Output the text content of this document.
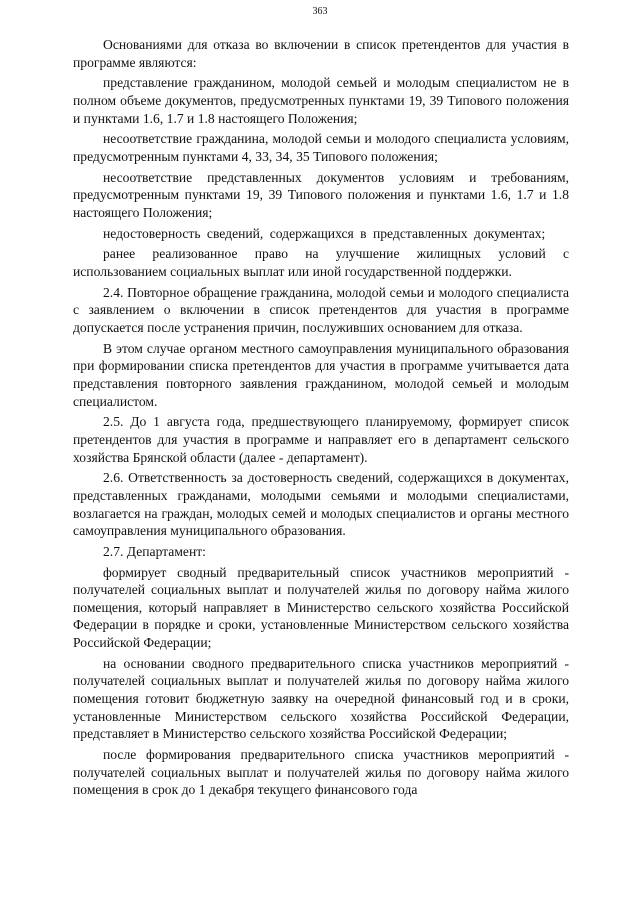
363

Основаниями для отказа во включении в список претендентов для участия в программе являются:

представление гражданином, молодой семьей и молодым специалистом не в полном объеме документов, предусмотренных пунктами 19, 39 Типового положения и пунктами 1.6, 1.7 и 1.8 настоящего Положения;

несоответствие гражданина, молодой семьи и молодого специалиста условиям, предусмотренным пунктами 4, 33, 34, 35 Типового положения;

несоответствие представленных документов условиям и требованиям, предусмотренным пунктами 19, 39 Типового положения и пунктами 1.6, 1.7 и 1.8 настоящего Положения;

недостоверность сведений, содержащихся в представленных документах;

ранее реализованное право на улучшение жилищных условий с использованием социальных выплат или иной государственной поддержки.

2.4. Повторное обращение гражданина, молодой семьи и молодого специалиста с заявлением о включении в список претендентов для участия в программе допускается после устранения причин, послуживших основанием для отказа.

В этом случае органом местного самоуправления муниципального образования при формировании списка претендентов для участия в программе учитывается дата представления повторного заявления гражданином, молодой семьей и молодым специалистом.

2.5. До 1 августа года, предшествующего планируемому, формирует список претендентов для участия в программе и направляет его в департамент сельского хозяйства Брянской области (далее - департамент).

2.6. Ответственность за достоверность сведений, содержащихся в документах, представленных гражданами, молодыми семьями и молодыми специалистами, возлагается на граждан, молодых семей и молодых специалистов и органы местного самоуправления муниципального образования.

2.7. Департамент:

формирует сводный предварительный список участников мероприятий - получателей социальных выплат и получателей жилья по договору найма жилого помещения, который направляет в Министерство сельского хозяйства Российской Федерации в порядке и сроки, установленные Министерством сельского хозяйства Российской Федерации;

на основании сводного предварительного списка участников мероприятий - получателей социальных выплат и получателей жилья по договору найма жилого помещения готовит бюджетную заявку на очередной финансовый год и в сроки, установленные Министерством сельского хозяйства Российской Федерации, представляет в Министерство сельского хозяйства Российской Федерации;

после формирования предварительного списка участников мероприятий - получателей социальных выплат и получателей жилья по договору найма жилого помещения в срок до 1 декабря текущего финансового года
